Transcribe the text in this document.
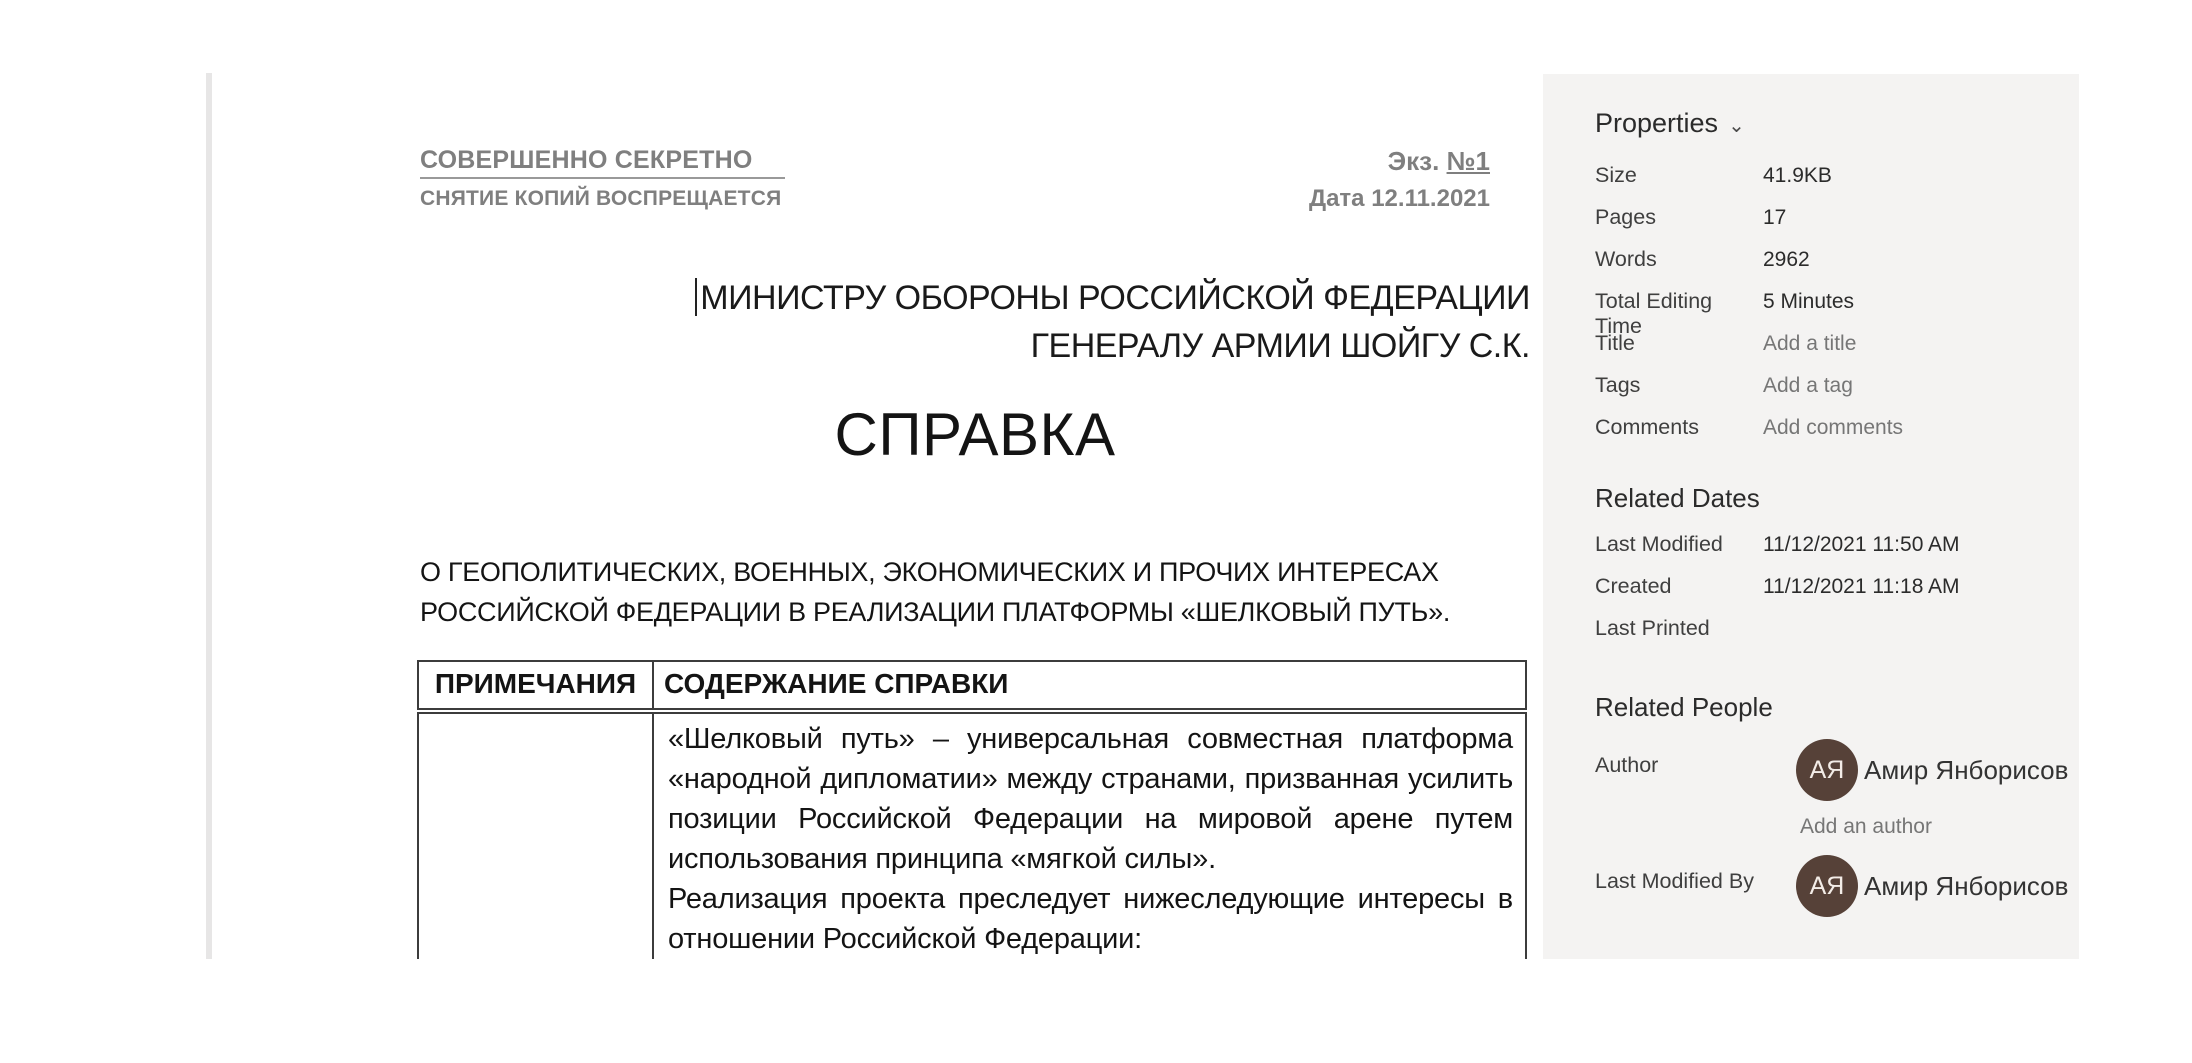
СОВЕРШЕННО СЕКРЕТНО
СНЯТИЕ КОПИЙ ВОСПРЕЩАЕТСЯ
Экз. №1
Дата 12.11.2021
МИНИСТРУ ОБОРОНЫ РОССИЙСКОЙ ФЕДЕРАЦИИ
ГЕНЕРАЛУ АРМИИ ШОЙГУ С.К.
СПРАВКА
О ГЕОПОЛИТИЧЕСКИХ, ВОЕННЫХ, ЭКОНОМИЧЕСКИХ И ПРОЧИХ ИНТЕРЕСАХ РОССИЙСКОЙ ФЕДЕРАЦИИ В РЕАЛИЗАЦИИ ПЛАТФОРМЫ «ШЕЛКОВЫЙ ПУТЬ».
ПРИМЕЧАНИЯ	СОДЕРЖАНИЕ СПРАВКИ

	«Шелковый путь» – универсальная совместная платформа «народной дипломатии» между странами, призванная усилить позиции Российской Федерации на мировой арене путем использования принципа «мягкой силы».

Реализация проекта преследует нижеследующие интересы в отношении Российской Федерации:

Properties ⌄
Size	41.9KB
Pages	17
Words	2962
Total Editing Time
5 Minutes
Title	Add a title
Tags	Add a tag
Comments	Add comments
Related Dates
Last Modified	11/12/2021 11:50 AM
Created	11/12/2021 11:18 AM
Last Printed
Related People
Author	АЯ Амир Янборисов
Add an author
Last Modified By	АЯ Амир Янборисов
